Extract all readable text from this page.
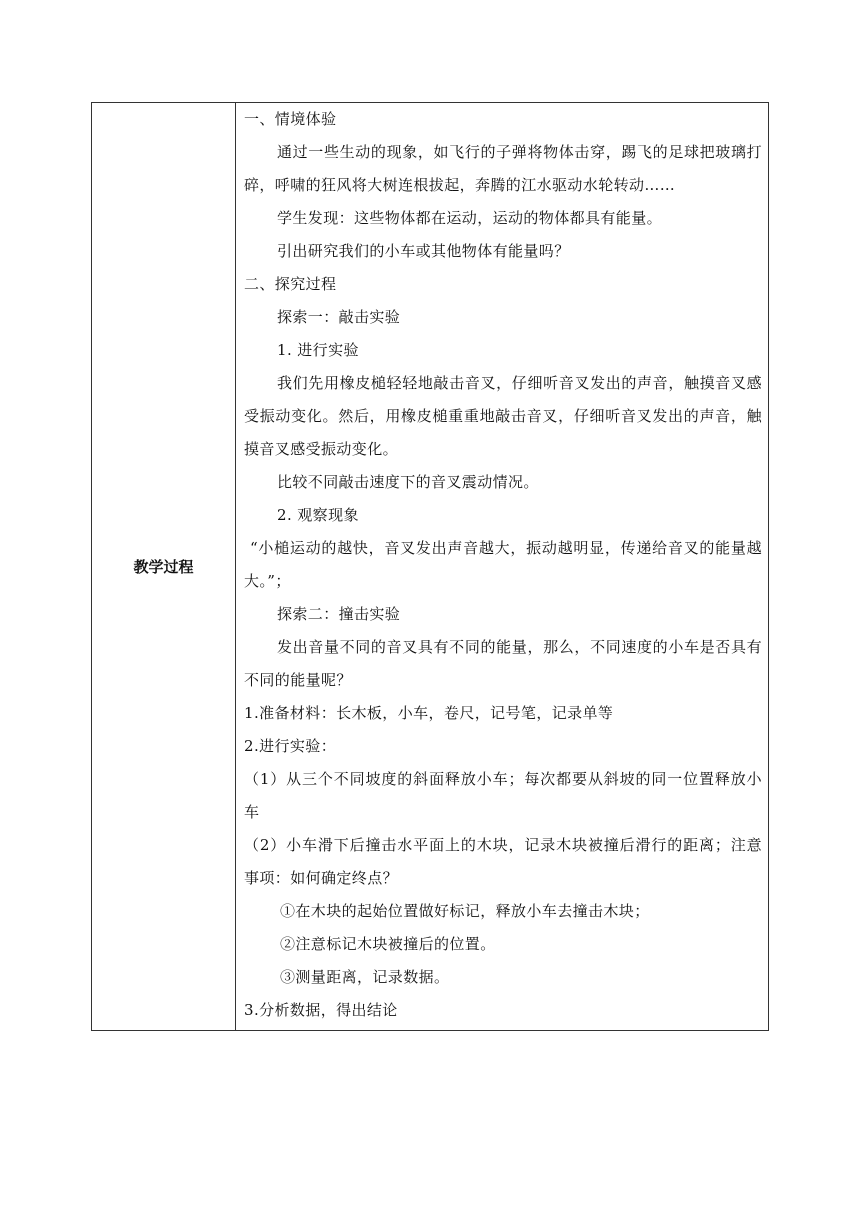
教学过程	

一、情境体验

通过一些生动的现象，如飞行的子弹将物体击穿，踢飞的足球把玻璃打碎，呼啸的狂风将大树连根拔起，奔腾的江水驱动水轮转动……

学生发现：这些物体都在运动，运动的物体都具有能量。

引出研究我们的小车或其他物体有能量吗？

二、探究过程

探索一：敲击实验

1. 进行实验

我们先用橡皮槌轻轻地敲击音叉，仔细听音叉发出的声音，触摸音叉感受振动变化。然后，用橡皮槌重重地敲击音叉，仔细听音叉发出的声音，触摸音叉感受振动变化。

比较不同敲击速度下的音叉震动情况。

2. 观察现象

“小槌运动的越快，音叉发出声音越大，振动越明显，传递给音叉的能量越大。”；

探索二：撞击实验

发出音量不同的音叉具有不同的能量，那么，不同速度的小车是否具有不同的能量呢？

1.准备材料：长木板，小车，卷尺，记号笔，记录单等

2.进行实验：

（1）从三个不同坡度的斜面释放小车；每次都要从斜坡的同一位置释放小车

（2）小车滑下后撞击水平面上的木块，记录木块被撞后滑行的距离；注意事项：如何确定终点？

①在木块的起始位置做好标记，释放小车去撞击木块；

②注意标记木块被撞后的位置。

③测量距离，记录数据。

3.分析数据，得出结论
